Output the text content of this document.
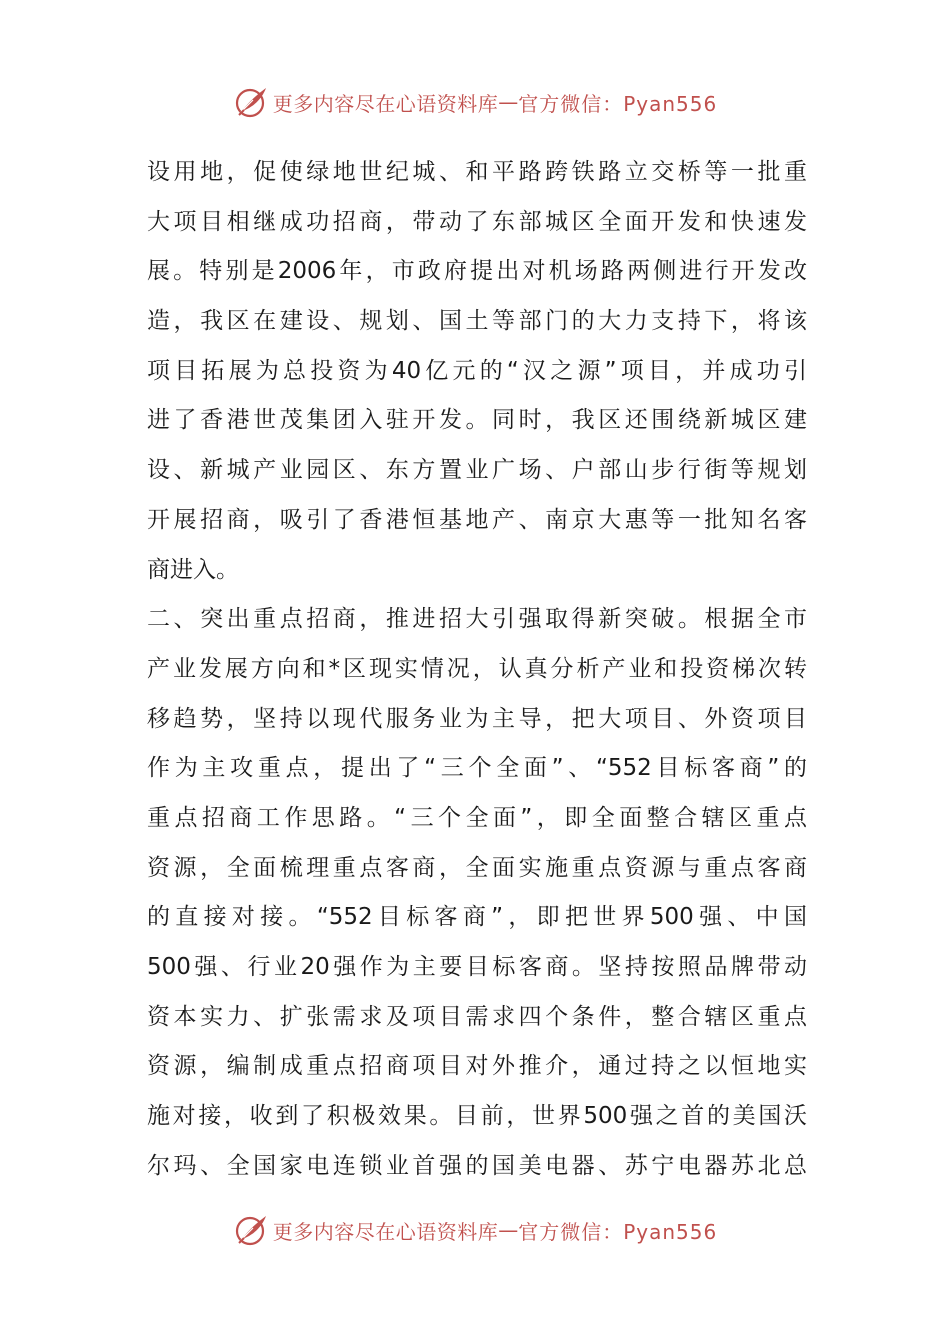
更多内容尽在心语资料库 — 官方微信：Pyan556
设用地，促使绿地世纪城、和平路跨铁路立交桥等一批重
大项目相继成功招商，带动了东部城区全面开发和快速发
展。特别是2006年，市政府提出对机场路两侧进行开发改
造，我区在建设、规划、国土等部门的大力支持下，将该
项目拓展为总投资为40亿元的“汉之源”项目，并成功引
进了香港世茂集团入驻开发。同时，我区还围绕新城区建
设、新城产业园区、东方置业广场、户部山步行街等规划
开展招商，吸引了香港恒基地产、南京大惠等一批知名客
商进入。
二、突出重点招商，推进招大引强取得新突破。根据全市
产业发展方向和*区现实情况，认真分析产业和投资梯次转
移趋势，坚持以现代服务业为主导，把大项目、外资项目
作为主攻重点，提出了“三个全面”、“552目标客商”的
重点招商工作思路。“三个全面”，即全面整合辖区重点
资源，全面梳理重点客商，全面实施重点资源与重点客商
的直接对接。“552目标客商”，即把世界500强、中国
500强、行业20强作为主要目标客商。坚持按照品牌带动
资本实力、扩张需求及项目需求四个条件，整合辖区重点
资源，编制成重点招商项目对外推介，通过持之以恒地实
施对接，收到了积极效果。目前，世界500强之首的美国沃
尔玛、全国家电连锁业首强的国美电器、苏宁电器苏北总
更多内容尽在心语资料库 — 官方微信：Pyan556
